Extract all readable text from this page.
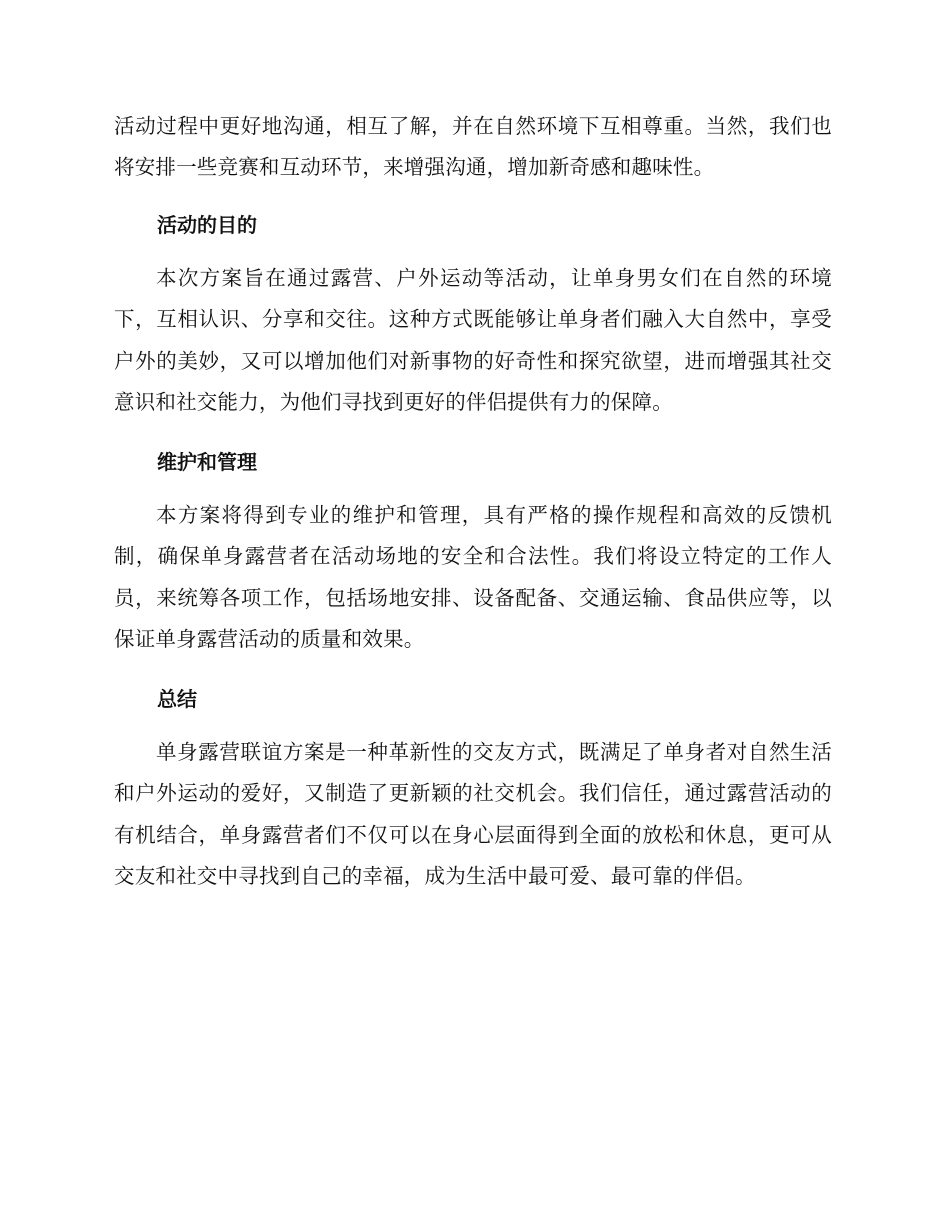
活动过程中更好地沟通，相互了解，并在自然环境下互相尊重。当然，我们也将安排一些竞赛和互动环节，来增强沟通，增加新奇感和趣味性。

活动的目的

本次方案旨在通过露营、户外运动等活动，让单身男女们在自然的环境下，互相认识、分享和交往。这种方式既能够让单身者们融入大自然中，享受户外的美妙，又可以增加他们对新事物的好奇性和探究欲望，进而增强其社交意识和社交能力，为他们寻找到更好的伴侣提供有力的保障。

维护和管理

本方案将得到专业的维护和管理，具有严格的操作规程和高效的反馈机制，确保单身露营者在活动场地的安全和合法性。我们将设立特定的工作人员，来统筹各项工作，包括场地安排、设备配备、交通运输、食品供应等，以保证单身露营活动的质量和效果。

总结

单身露营联谊方案是一种革新性的交友方式，既满足了单身者对自然生活和户外运动的爱好，又制造了更新颖的社交机会。我们信任，通过露营活动的有机结合，单身露营者们不仅可以在身心层面得到全面的放松和休息，更可从交友和社交中寻找到自己的幸福，成为生活中最可爱、最可靠的伴侣。
